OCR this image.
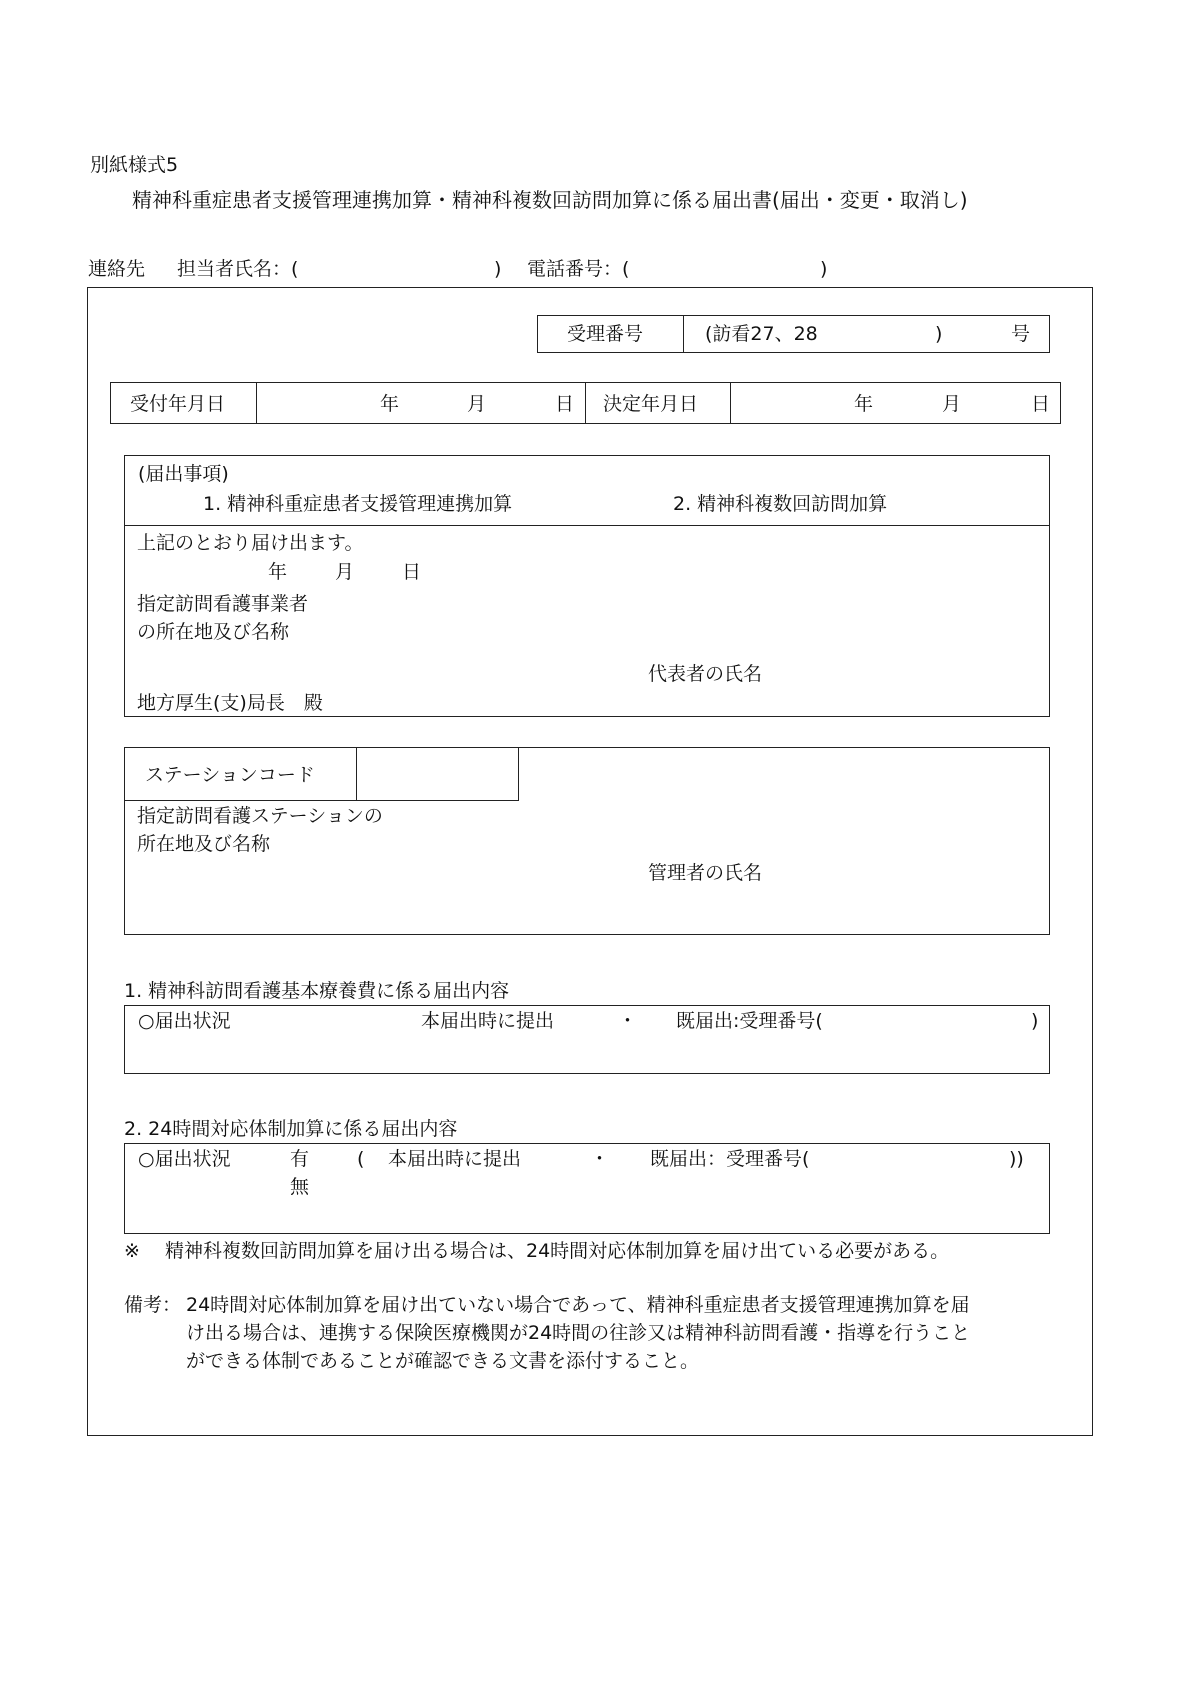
別紙様式5
精神科重症患者支援管理連携加算・精神科複数回訪問加算に係る届出書(届出・変更・取消し)
連絡先 担当者氏名：(	) 電話番号：(	)
受理番号	(訪看27、28	)	号
受付年月日	年	月	日 決定年月日	年	月	日
(届出事項)
1. 精神科重症患者支援管理連携加算	2. 精神科複数回訪問加算
上記のとおり届け出ます。
年	月	日
指定訪問看護事業者
の所在地及び名称
代表者の氏名
地方厚生(支)局長　殿
ステーションコード
指定訪問看護ステーションの
所在地及び名称
管理者の氏名
1. 精神科訪問看護基本療養費に係る届出内容
○届出状況	本届出時に提出	・ 既届出:受理番号(	)
2. 24時間対応体制加算に係る届出内容
○届出状況	有	( 本届出時に提出	・ 既届出：受理番号(	))
無
※ 精神科複数回訪問加算を届け出る場合は、24時間対応体制加算を届け出ている必要がある。
備考： 24時間対応体制加算を届け出ていない場合であって、精神科重症患者支援管理連携加算を届
け出る場合は、連携する保険医療機関が24時間の往診又は精神科訪問看護・指導を行うこと
ができる体制であることが確認できる文書を添付すること。
